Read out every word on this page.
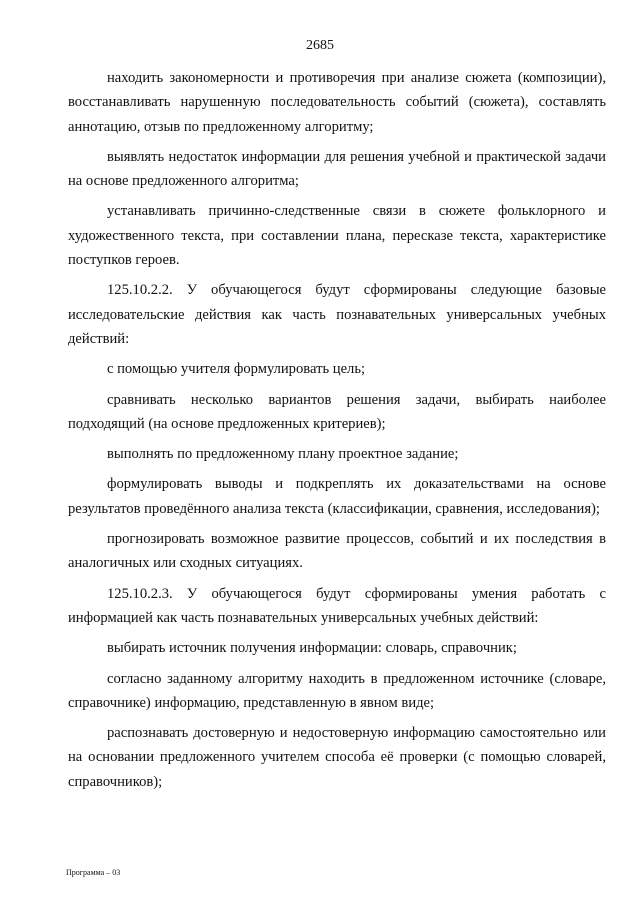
2685

находить закономерности и противоречия при анализе сюжета (композиции), восстанавливать нарушенную последовательность событий (сюжета), составлять аннотацию, отзыв по предложенному алгоритму;

выявлять недостаток информации для решения учебной и практической задачи на основе предложенного алгоритма;

устанавливать причинно-следственные связи в сюжете фольклорного и художественного текста, при составлении плана, пересказе текста, характеристике поступков героев.

125.10.2.2. У обучающегося будут сформированы следующие базовые исследовательские действия как часть познавательных универсальных учебных действий:

с помощью учителя формулировать цель;

сравнивать несколько вариантов решения задачи, выбирать наиболее подходящий (на основе предложенных критериев);

выполнять по предложенному плану проектное задание;

формулировать выводы и подкреплять их доказательствами на основе результатов проведённого анализа текста (классификации, сравнения, исследования);

прогнозировать возможное развитие процессов, событий и их последствия в аналогичных или сходных ситуациях.

125.10.2.3. У обучающегося будут сформированы умения работать с информацией как часть познавательных универсальных учебных действий:

выбирать источник получения информации: словарь, справочник;

согласно заданному алгоритму находить в предложенном источнике (словаре, справочнике) информацию, представленную в явном виде;

распознавать достоверную и недостоверную информацию самостоятельно или на основании предложенного учителем способа её проверки (с помощью словарей, справочников);

Программа – 03
